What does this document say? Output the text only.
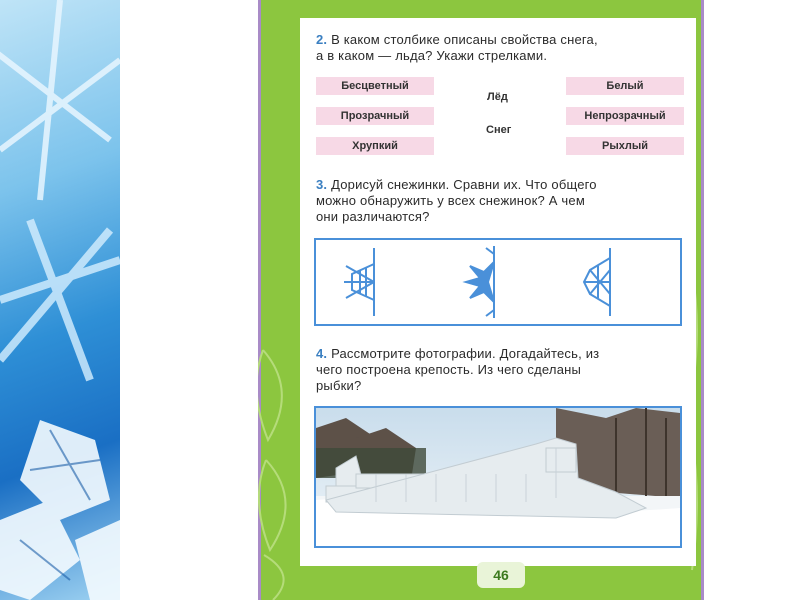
2. В каком столбике описаны свойства снега,
а в каком — льда? Укажи стрелками.
Бесцветный
Прозрачный
Хрупкий
Лёд
Снег
Белый
Непрозрачный
Рыхлый
3. Дорисуй снежинки. Сравни их. Что общего
можно обнаружить у всех снежинок? А чем
они различаются?
4. Рассмотрите фотографии. Догадайтесь, из
чего построена крепость. Из чего сделаны
рыбки?
46
